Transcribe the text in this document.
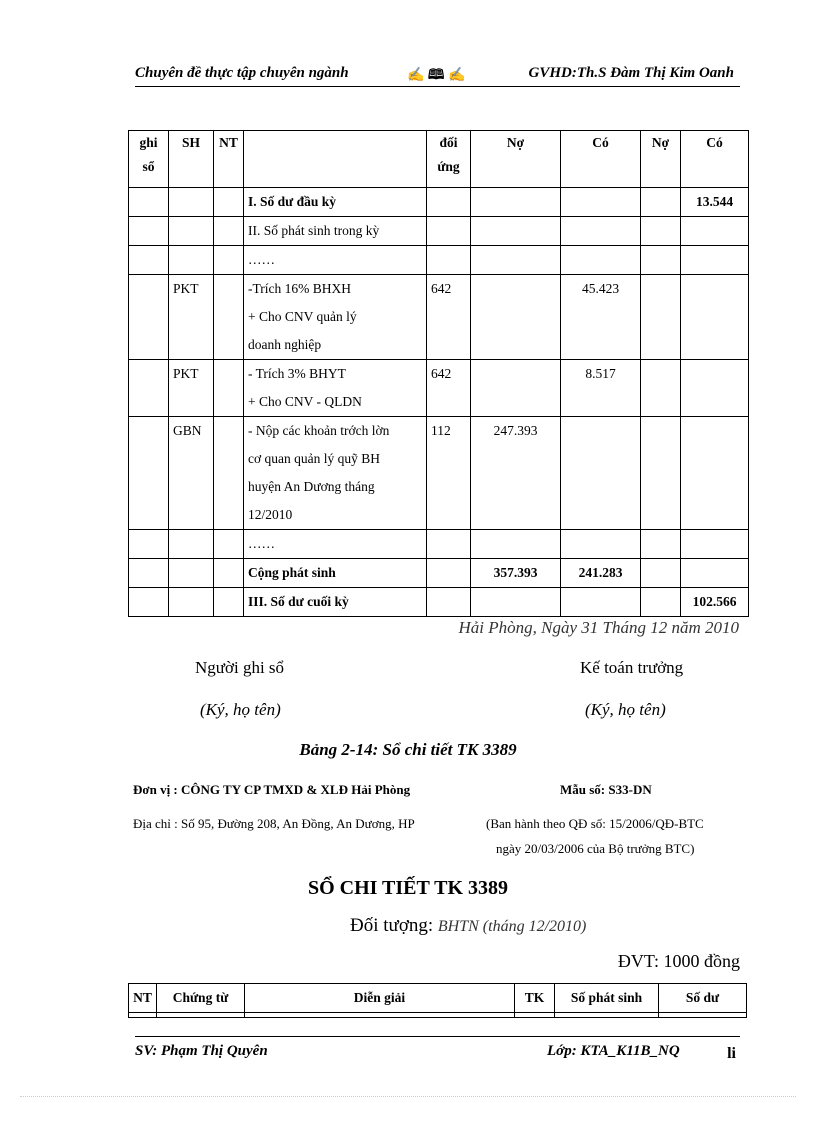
Chuyên đề thực tập chuyên ngành	✍ 🕮 ✍	GVHD:Th.S Đàm Thị Kim Oanh
ghi sổ	SH	NT		đối ứng	Nợ	Có	Nợ	Có
			I. Số dư đầu kỳ					13.544
			II. Số phát sinh trong kỳ					
			……					
	PKT		-Trích 16% BHXH
+ Cho CNV quản lý
doanh nghiệp	642		45.423		
	PKT		- Trích 3% BHYT
+ Cho CNV - QLDN	642		8.517		
	GBN		- Nộp các khoản trớch lờn
cơ quan quản lý quỹ BH
huyện An Dương tháng
12/2010	112	247.393			
			……					
			Cộng phát sinh		357.393	241.283		
			III. Số dư cuối kỳ					102.566
Hải Phòng, Ngày 31 Tháng 12 năm 2010
Người ghi sổ	Kế toán trưởng
(Ký, họ tên)	(Ký, họ tên)
Bảng 2-14: Sổ chi tiết TK 3389
Đơn vị : CÔNG TY CP TMXD & XLĐ Hải Phòng	Mẫu số: S33-DN
Địa chỉ : Số 95, Đường 208, An Đồng, An Dương, HP	(Ban hành theo QĐ số: 15/2006/QĐ-BTC
ngày 20/03/2006 của Bộ trưởng BTC)
SỔ CHI TIẾT TK 3389
Đối tượng: BHTN (tháng 12/2010)
ĐVT: 1000 đồng
NT	Chứng từ	Diễn giải	TK	Số phát sinh	Số dư

SV: Phạm Thị Quyên	Lớp: KTA_K11B_NQ	li
